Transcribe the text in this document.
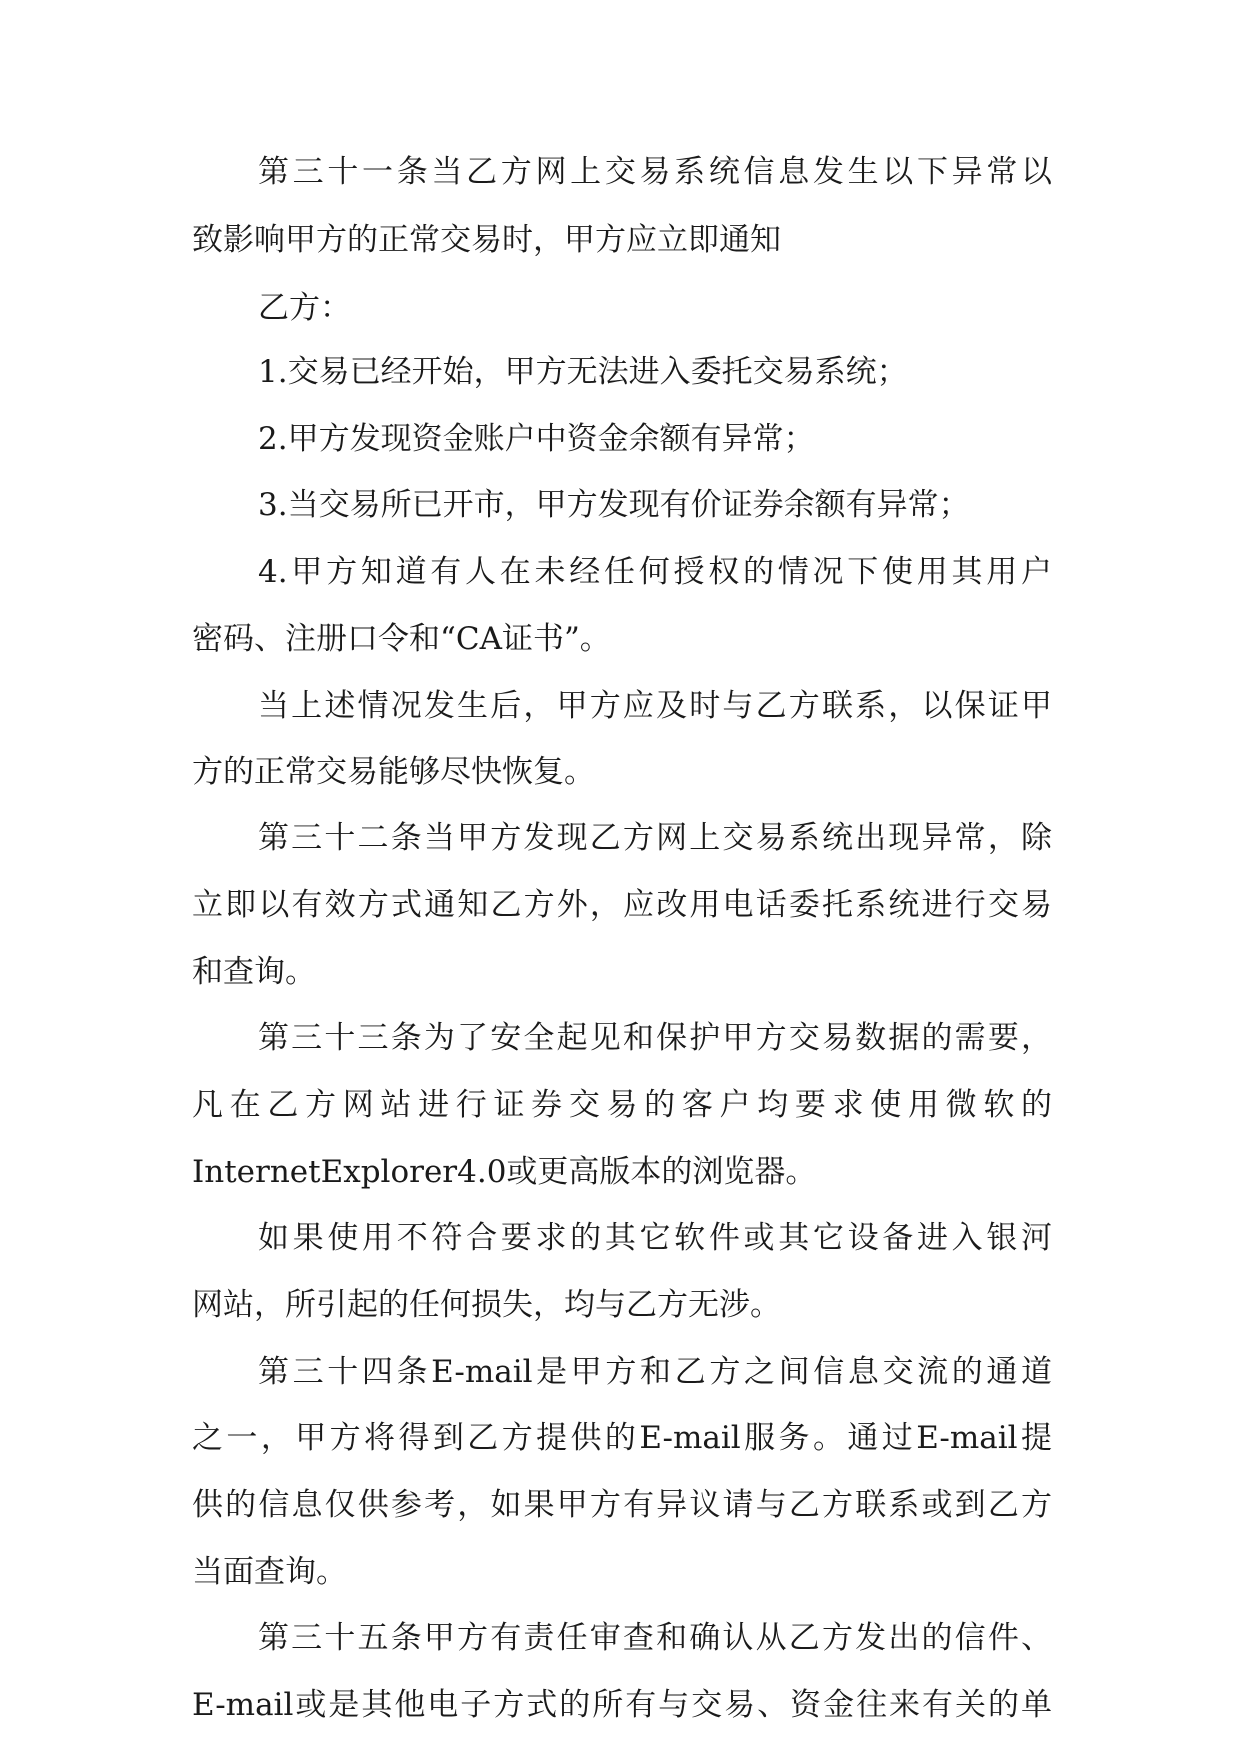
第三十一条当乙方网上交易系统信息发生以下异常以

致影响甲方的正常交易时，甲方应立即通知

乙方：

1.交易已经开始，甲方无法进入委托交易系统；

2.甲方发现资金账户中资金余额有异常；

3.当交易所已开市，甲方发现有价证券余额有异常；

4.甲方知道有人在未经任何授权的情况下使用其用户

密码、注册口令和“CA证书”。

当上述情况发生后，甲方应及时与乙方联系，以保证甲

方的正常交易能够尽快恢复。

第三十二条当甲方发现乙方网上交易系统出现异常，除

立即以有效方式通知乙方外，应改用电话委托系统进行交易

和查询。

第三十三条为了安全起见和保护甲方交易数据的需要，

凡在乙方网站进行证券交易的客户均要求使用微软的

InternetExplorer4.0或更高版本的浏览器。

如果使用不符合要求的其它软件或其它设备进入银河

网站，所引起的任何损失，均与乙方无涉。

第三十四条E-mail是甲方和乙方之间信息交流的通道

之一，甲方将得到乙方提供的E-mail服务。通过E-mail提

供的信息仅供参考，如果甲方有异议请与乙方联系或到乙方

当面查询。

第三十五条甲方有责任审查和确认从乙方发出的信件、

E-mail或是其他电子方式的所有与交易、资金往来有关的单
